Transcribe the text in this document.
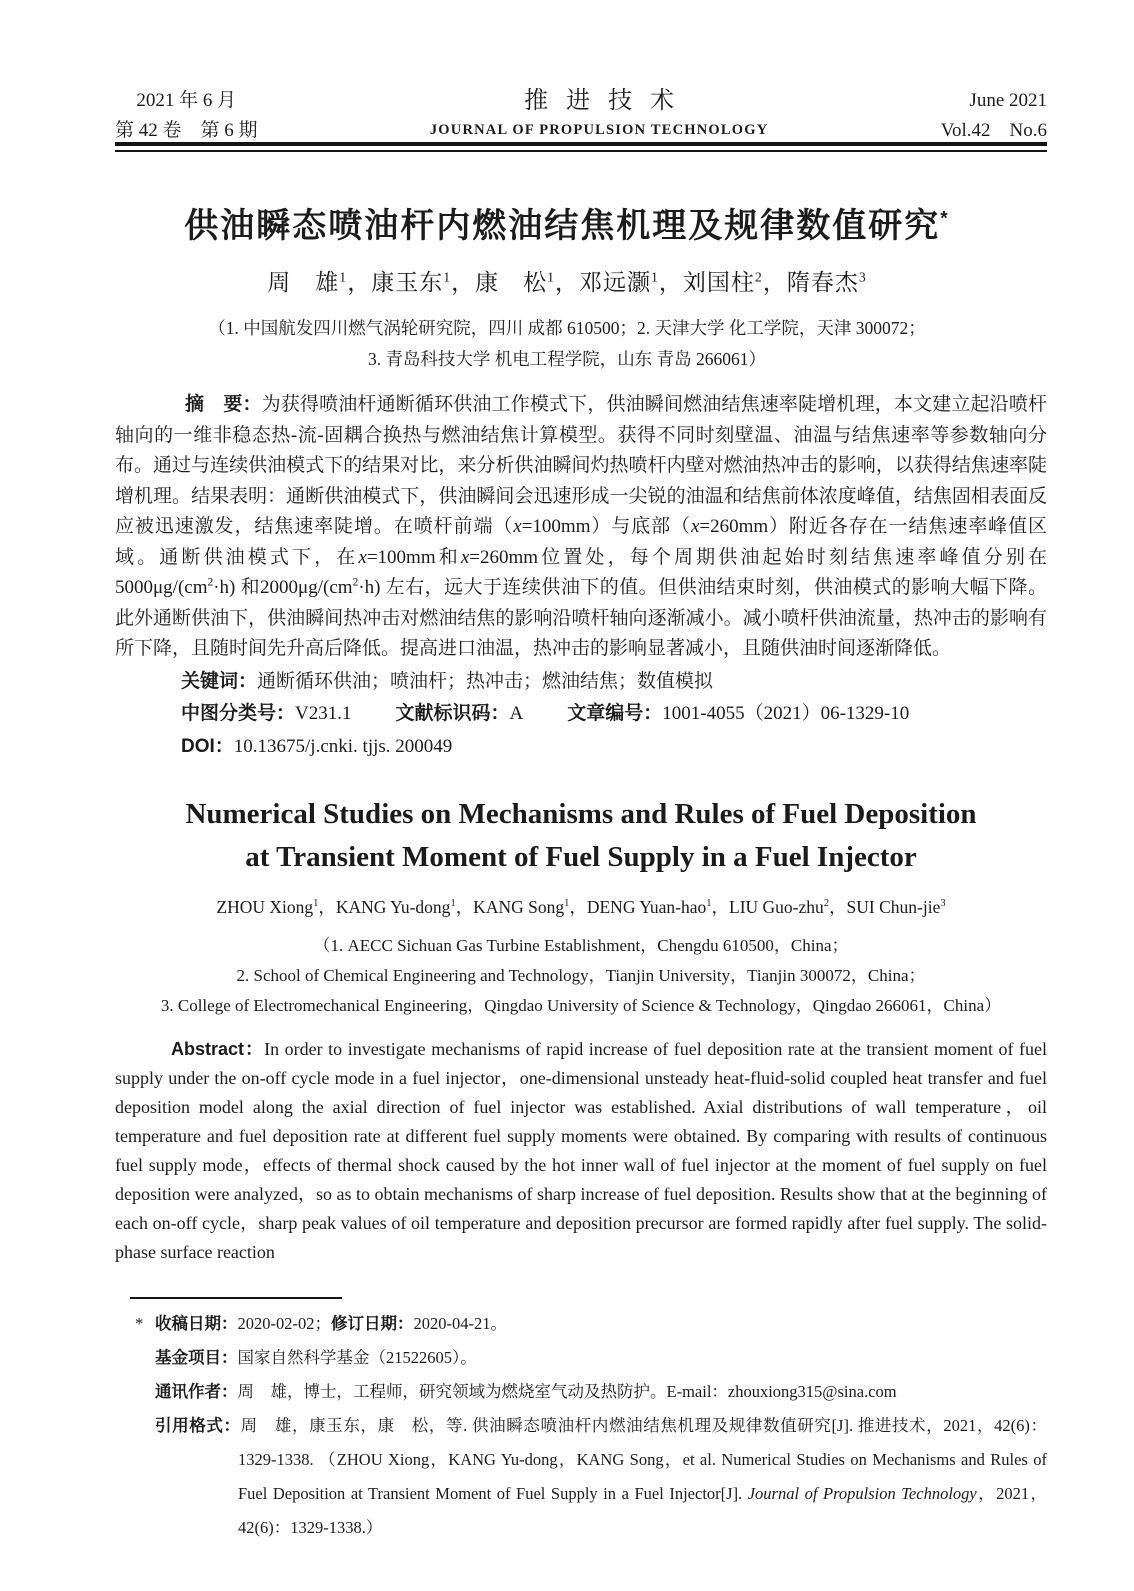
2021 年 6 月
第 42 卷　第 6 期
推进技术
JOURNAL OF PROPULSION TECHNOLOGY
June 2021
Vol.42　No.6
供油瞬态喷油杆内燃油结焦机理及规律数值研究*
周　雄$^1$，康玉东$^1$，康　松$^1$，邓远灏$^1$，刘国柱$^2$，隋春杰$^3$
（1. 中国航发四川燃气涡轮研究院，四川 成都 610500；2. 天津大学 化工学院，天津 300072；
3. 青岛科技大学 机电工程学院，山东 青岛 266061）

摘　要：为获得喷油杆通断循环供油工作模式下，供油瞬间燃油结焦速率陡增机理，本文建立起沿喷杆轴向的一维非稳态热-流-固耦合换热与燃油结焦计算模型。获得不同时刻壁温、油温与结焦速率等参数轴向分布。通过与连续供油模式下的结果对比，来分析供油瞬间灼热喷杆内壁对燃油热冲击的影响，以获得结焦速率陡增机理。结果表明：通断供油模式下，供油瞬间会迅速形成一尖锐的油温和结焦前体浓度峰值，结焦固相表面反应被迅速激发，结焦速率陡增。在喷杆前端（x=100mm）与底部（x=260mm）附近各存在一结焦速率峰值区域。通断供油模式下，在x=100mm和x=260mm位置处，每个周期供油起始时刻结焦速率峰值分别在$5000\mu g/(cm^2\cdot h)$ 和$2000\mu g/(cm^2\cdot h)$ 左右，远大于连续供油下的值。但供油结束时刻，供油模式的影响大幅下降。此外通断供油下，供油瞬间热冲击对燃油结焦的影响沿喷杆轴向逐渐减小。减小喷杆供油流量，热冲击的影响有所下降，且随时间先升高后降低。提高进口油温，热冲击的影响显著减小，且随供油时间逐渐降低。

关键词：通断循环供油；喷油杆；热冲击；燃油结焦；数值模拟

中图分类号：V231.1 文献标识码：A 文章编号：1001-4055（2021）06-1329-10

DOI：10.13675/j.cnki. tjjs. 200049

Numerical Studies on Mechanisms and Rules of Fuel Deposition
at Transient Moment of Fuel Supply in a Fuel Injector
ZHOU Xiong$^1$，KANG Yu-dong$^1$，KANG Song$^1$，DENG Yuan-hao$^1$，LIU Guo-zhu$^2$，SUI Chun-jie$^3$
（1. AECC Sichuan Gas Turbine Establishment，Chengdu 610500，China；
2. School of Chemical Engineering and Technology，Tianjin University，Tianjin 300072，China；
3. College of Electromechanical Engineering，Qingdao University of Science & Technology，Qingdao 266061，China）

Abstract：In order to investigate mechanisms of rapid increase of fuel deposition rate at the transient moment of fuel supply under the on-off cycle mode in a fuel injector，one-dimensional unsteady heat-fluid-solid coupled heat transfer and fuel deposition model along the axial direction of fuel injector was established. Axial distributions of wall temperature，oil temperature and fuel deposition rate at different fuel supply moments were obtained. By comparing with results of continuous fuel supply mode，effects of thermal shock caused by the hot inner wall of fuel injector at the moment of fuel supply on fuel deposition were analyzed，so as to obtain mechanisms of sharp increase of fuel deposition. Results show that at the beginning of each on-off cycle，sharp peak values of oil temperature and deposition precursor are formed rapidly after fuel supply. The solid-phase surface reaction

* 收稿日期：2020-02-02；修订日期：2020-04-21。

基金项目：国家自然科学基金（21522605）。

通讯作者：周　雄，博士，工程师，研究领域为燃烧室气动及热防护。E-mail：zhouxiong315@sina.com

引用格式：周　雄，康玉东，康　松，等. 供油瞬态喷油杆内燃油结焦机理及规律数值研究[J]. 推进技术，2021，42(6)：1329-1338. （ZHOU Xiong，KANG Yu-dong，KANG Song，et al. Numerical Studies on Mechanisms and Rules of Fuel Deposition at Transient Moment of Fuel Supply in a Fuel Injector[J]. Journal of Propulsion Technology，2021，42(6)：1329-1338.）
